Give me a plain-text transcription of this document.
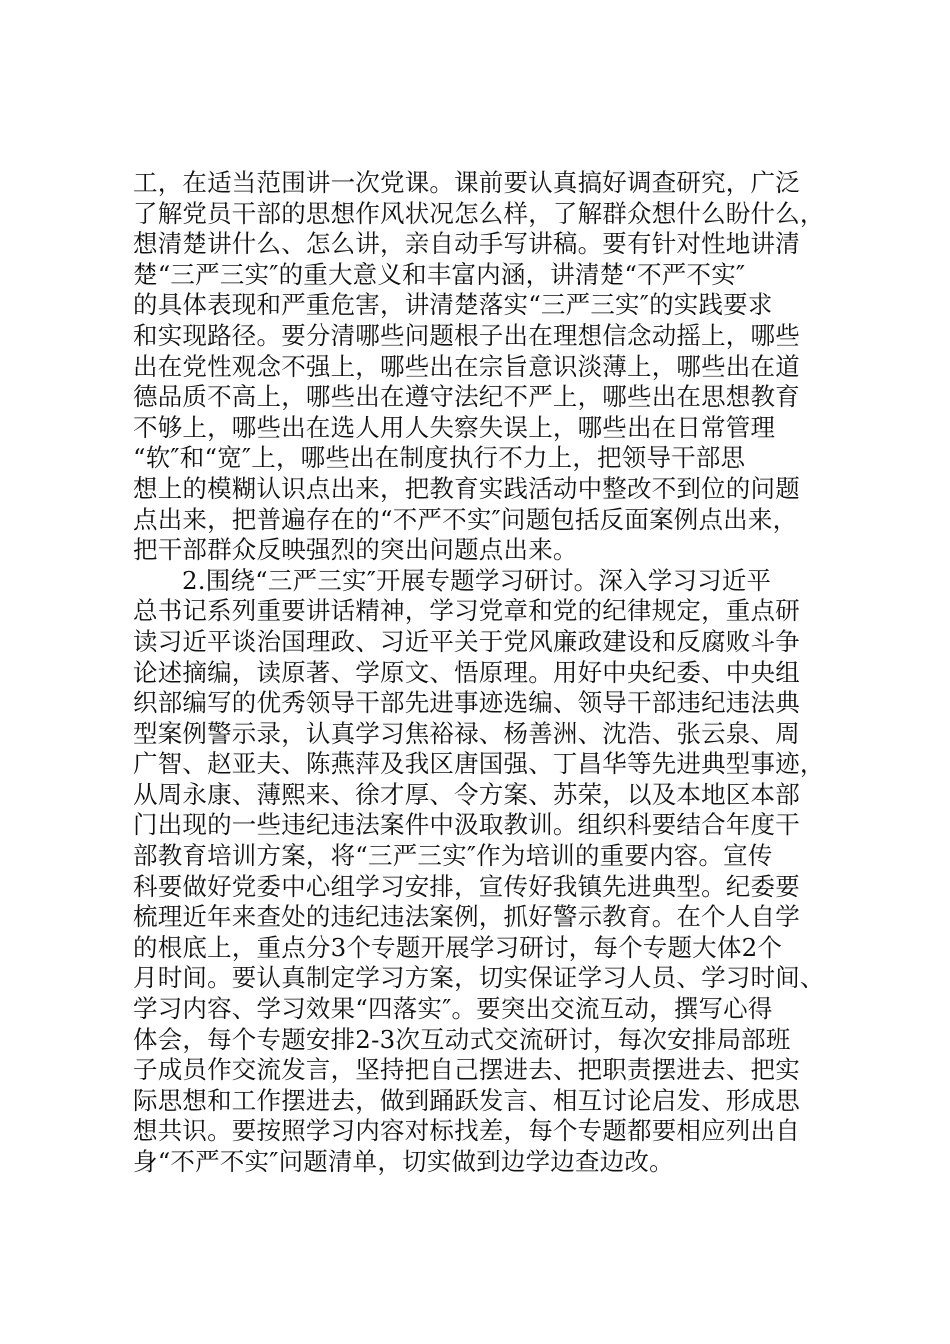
工，在适当范围讲一次党课。课前要认真搞好调查研究，广泛
了解党员干部的思想作风状况怎么样，了解群众想什么盼什么，
想清楚讲什么、怎么讲，亲自动手写讲稿。要有针对性地讲清
楚“三严三实″的重大意义和丰富内涵，讲清楚“不严不实″
的具体表现和严重危害，讲清楚落实“三严三实″的实践要求
和实现路径。要分清哪些问题根子出在理想信念动摇上，哪些
出在党性观念不强上，哪些出在宗旨意识淡薄上，哪些出在道
德品质不高上，哪些出在遵守法纪不严上，哪些出在思想教育
不够上，哪些出在选人用人失察失误上，哪些出在日常管理
“软″和“宽″上，哪些出在制度执行不力上，把领导干部思
想上的模糊认识点出来，把教育实践活动中整改不到位的问题
点出来，把普遍存在的“不严不实″问题包括反面案例点出来，
把干部群众反映强烈的突出问题点出来。
2.围绕“三严三实″开展专题学习研讨。深入学习习近平
总书记系列重要讲话精神，学习党章和党的纪律规定，重点研
读习近平谈治国理政、习近平关于党风廉政建设和反腐败斗争
论述摘编，读原著、学原文、悟原理。用好中央纪委、中央组
织部编写的优秀领导干部先进事迹选编、领导干部违纪违法典
型案例警示录，认真学习焦裕禄、杨善洲、沈浩、张云泉、周
广智、赵亚夫、陈燕萍及我区唐国强、丁昌华等先进典型事迹，
从周永康、薄熙来、徐才厚、令方案、苏荣，以及本地区本部
门出现的一些违纪违法案件中汲取教训。组织科要结合年度干
部教育培训方案，将“三严三实″作为培训的重要内容。宣传
科要做好党委中心组学习安排，宣传好我镇先进典型。纪委要
梳理近年来查处的违纪违法案例，抓好警示教育。在个人自学
的根底上，重点分3个专题开展学习研讨，每个专题大体2个
月时间。要认真制定学习方案，切实保证学习人员、学习时间、
学习内容、学习效果“四落实″。要突出交流互动，撰写心得
体会，每个专题安排2-3次互动式交流研讨，每次安排局部班
子成员作交流发言，坚持把自己摆进去、把职责摆进去、把实
际思想和工作摆进去，做到踊跃发言、相互讨论启发、形成思
想共识。要按照学习内容对标找差，每个专题都要相应列出自
身“不严不实″问题清单，切实做到边学边查边改。
